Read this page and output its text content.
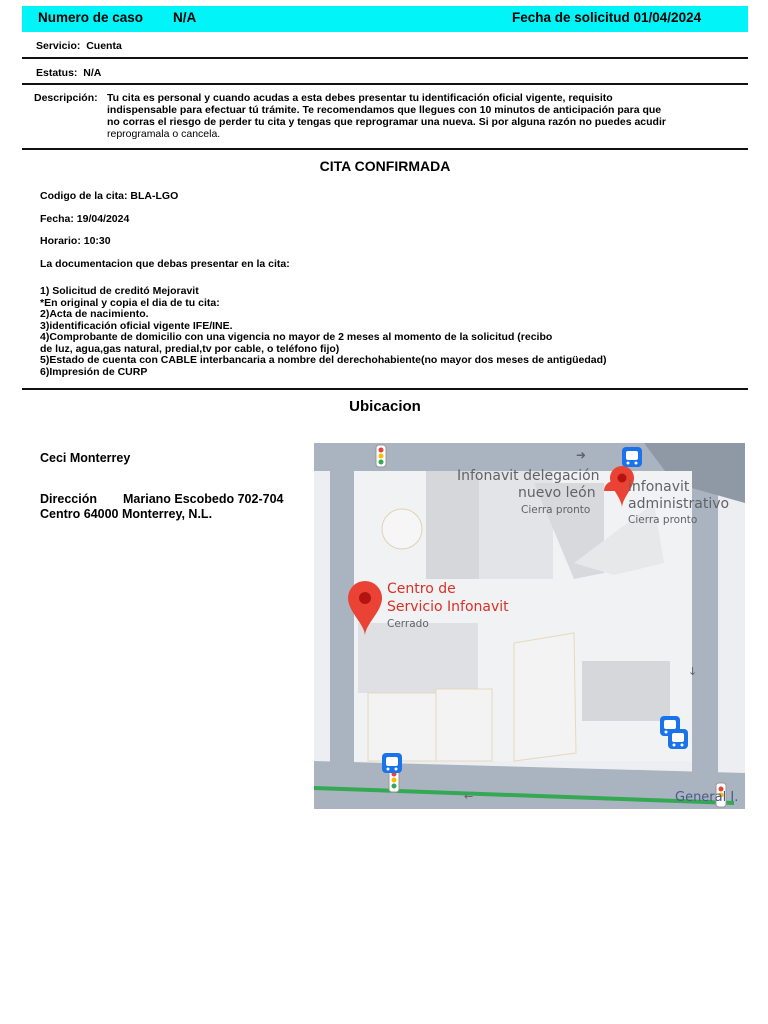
Numero de caso N/A	Fecha de solicitud 01/04/2024
Servicio: Cuenta
Estatus: N/A
Descripción: Tu cita es personal y cuando acudas a esta debes presentar tu identificación oficial vigente, requisito
indispensable para efectuar tú trámite. Te recomendamos que llegues con 10 minutos de anticipación para que
no corras el riesgo de perder tu cita y tengas que reprogramar una nueva. Si por alguna razón no puedes acudir
reprogramala o cancela.
CITA CONFIRMADA
Codigo de la cita: BLA-LGO
Fecha: 19/04/2024
Horario: 10:30
La documentacion que debas presentar en la cita:
1) Solicitud de creditó Mejoravit
*En original y copia el dia de tu cita:
2)Acta de nacimiento.
3)identificación oficial vigente IFE/INE.
4)Comprobante de domicilio con una vigencia no mayor de 2 meses al momento de la solicitud (recibo
de luz, agua,gas natural, predial,tv por cable, o teléfono fijo)
5)Estado de cuenta con CABLE interbancaria a nombre del derechohabiente(no mayor dos meses de antigüedad)
6)Impresión de CURP
Ubicacion
Ceci Monterrey
Dirección Mariano Escobedo 702-704
Centro 64000 Monterrey, N.L.
➜
↓
←
Infonavit delegación
nuevo león
Cierra pronto
infonavit
administrativo
Cierra pronto
Centro de
Servicio Infonavit
Cerrado
General I.
